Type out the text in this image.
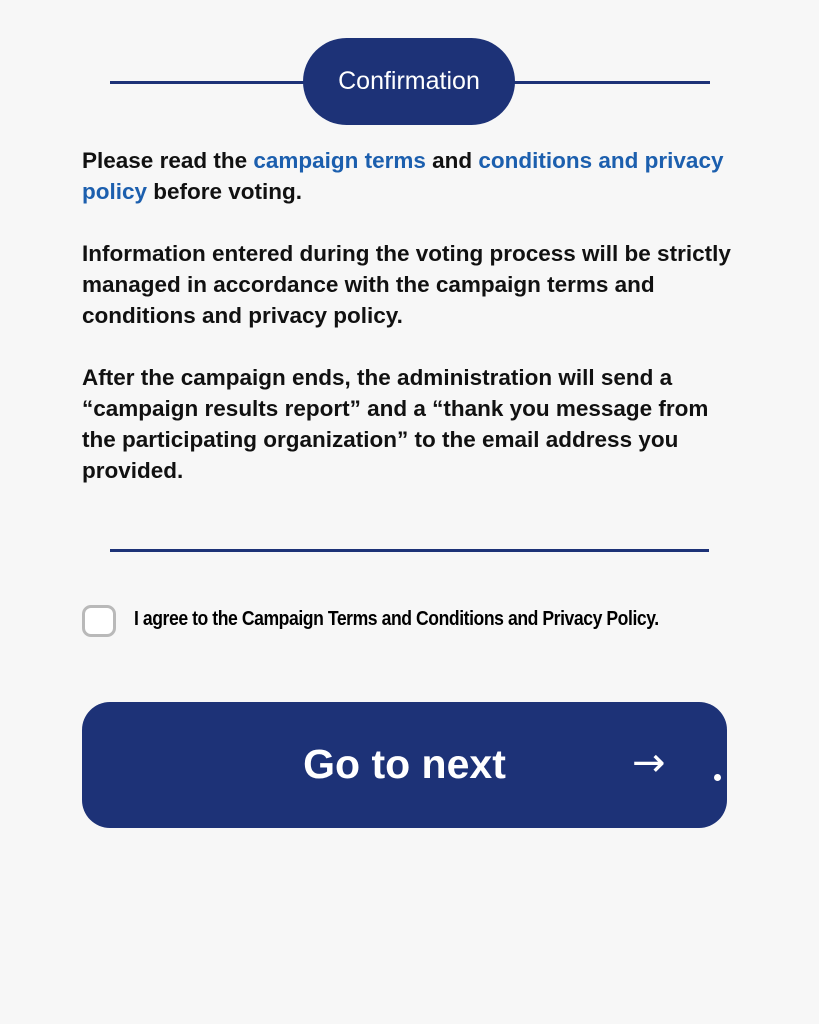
Confirmation

Please read the campaign terms and conditions and privacy policy before voting.

Information entered during the voting process will be strictly managed in accordance with the campaign terms and conditions and privacy policy.

After the campaign ends, the administration will send a “campaign results report” and a “thank you message from the participating organization” to the email address you provided.

I agree to the Campaign Terms and Conditions and Privacy Policy.
Go to next	→
